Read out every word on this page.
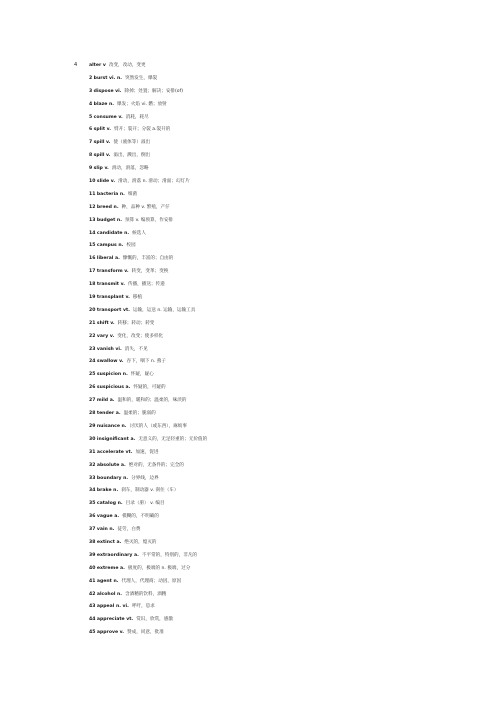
4	alter v 改变，改动，变更
2 burst vi. n. 突然发生，爆裂
3 dispose vi. 除掉；处置；解决；安排(of)
4 blaze n. 爆发；火焰 vi. 燃；放射
5 consume v. 消耗，耗尽
6 split v. 劈开；裂开；分裂 a.裂开的
7 spill v. 使（液体等）溢出
8 spill v. 溢出，溅出，倒出
9 slip v. 滑动，滑落，忽略
10 slide v. 滑动，滑落 n. 滑动；滑面；幻灯片
11 bacteria n. 细菌
12 breed n. 种，品种 v. 繁殖，产仔
13 budget n. 预算 v. 编预算，作安排
14 candidate n. 候选人
15 campus n. 校园
16 liberal a. 慷慨的，丰富的；自由的
17 transform v. 转变，变革；变换
18 transmit v. 传播，播送；传递
19 transplant v. 移植
20 transport vt. 运输，运送 n. 运输，运输工具
21 shift v. 转移；转动；转变
22 vary v. 变化，改变；使多样化
23 vanish vi. 消失，不见
24 swallow v. 吞下，咽下 n. 燕子
25 suspicion n. 怀疑，疑心
26 suspicious a. 怀疑的，可疑的
27 mild a. 温和的，暖和的；温柔的，味淡的
28 tender a. 温柔的；脆弱的
29 nuisance n. 讨厌的人（或东西），麻烦事
30 insignificant a. 无意义的，无足轻重的；无价值的
31 accelerate vt. 加速，促进
32 absolute a. 绝对的，无条件的；完全的
33 boundary n. 分界线，边界
34 brake n. 刹车，制动器 v. 刹住（车）
35 catalog n. 目录（册） v. 编目
36 vague a. 模糊的，不明确的
37 vain n. 徒劳，白费
38 extinct a. 绝灭的，熄灭的
39 extraordinary a. 不平常的，特别的，非凡的
40 extreme a. 极度的，极端的 n. 极端，过分
41 agent n. 代理人，代理商；动因，原因
42 alcohol n. 含酒精的饮料，酒精
43 appeal n. vi. 呼吁，恳求
44 appreciate vt. 赏识，欣赏，感激
45 approve v. 赞成，同意，批准
